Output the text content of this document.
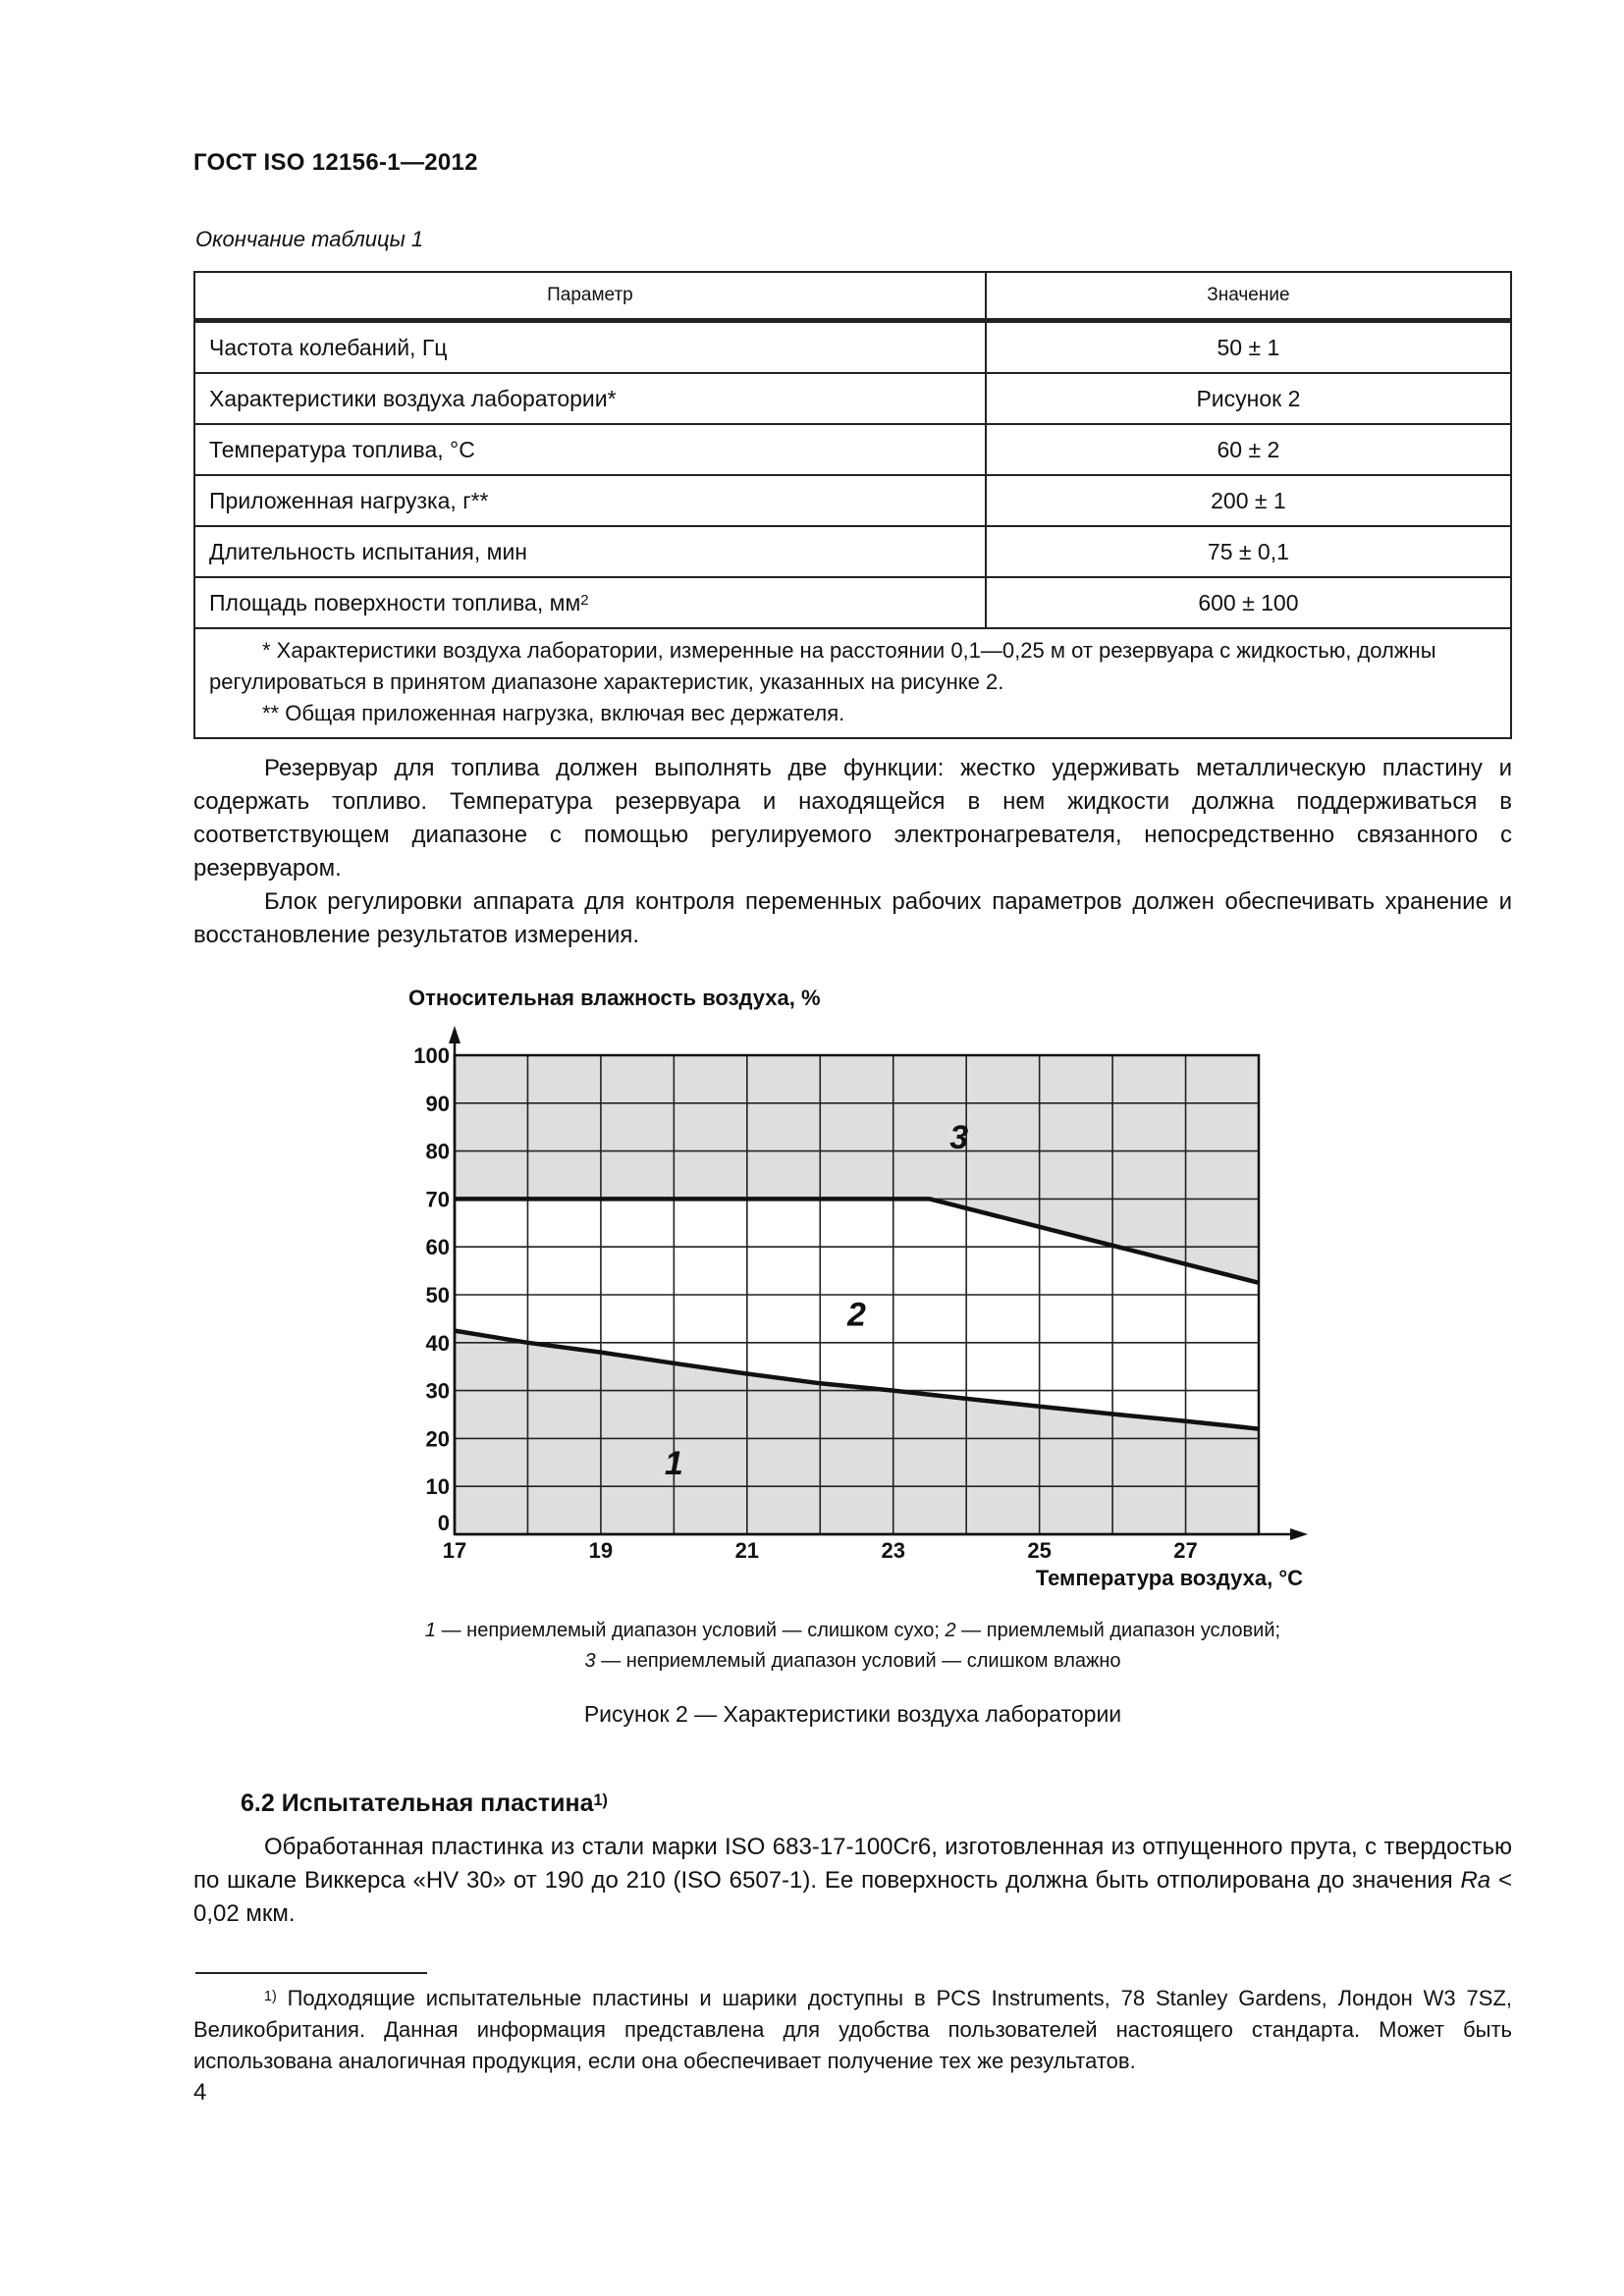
ГОСТ ISO 12156-1—2012
Окончание таблицы 1
Параметр	Значение
Частота колебаний, Гц	50 ± 1
Характеристики воздуха лаборатории*	Рисунок 2
Температура топлива, °С	60 ± 2
Приложенная нагрузка, г**	200 ± 1
Длительность испытания, мин	75 ± 0,1
Площадь поверхности топлива, $мм^2$	600 ± 100

* Характеристики воздуха лаборатории, измеренные на расстоянии 0,1—0,25 м от резервуара с жидкостью, должны регулироваться в принятом диапазоне характеристик, указанных на рисунке 2.
** Общая приложенная нагрузка, включая вес держателя.	
Резервуар для топлива должен выполнять две функции: жестко удерживать металлическую пластину и содержать топливо. Температура резервуара и находящейся в нем жидкости должна поддерживаться в соответствующем диапазоне с помощью регулируемого электронагревателя, непосредственно связанного с резервуаром.
Блок регулировки аппарата для контроля переменных рабочих параметров должен обеспечивать хранение и восстановление результатов измерения.
0
10
20
30
40
50
60
70
80
90
100
17	19	21	23	25	27
Относительная влажность воздуха, %
Температура воздуха, °С
1
2
3
1 — неприемлемый диапазон условий — слишком сухо; 2 — приемлемый диапазон условий;
3 — неприемлемый диапазон условий — слишком влажно
Рисунок 2 — Характеристики воздуха лаборатории
6.2 Испытательная пластина$^{1)}$
Обработанная пластинка из стали марки ISO 683-17-100Cr6, изготовленная из отпущенного прута, с твердостью по шкале Виккерса «HV 30» от 190 до 210 (ISO 6507-1). Ее поверхность должна быть отполирована до значения Ra < 0,02 мкм.
$^{1)}$ Подходящие испытательные пластины и шарики доступны в PCS Instruments, 78 Stanley Gardens, Лондон W3 7SZ, Великобритания. Данная информация представлена для удобства пользователей настоящего стандарта. Может быть использована аналогичная продукция, если она обеспечивает получение тех же результатов.
4
